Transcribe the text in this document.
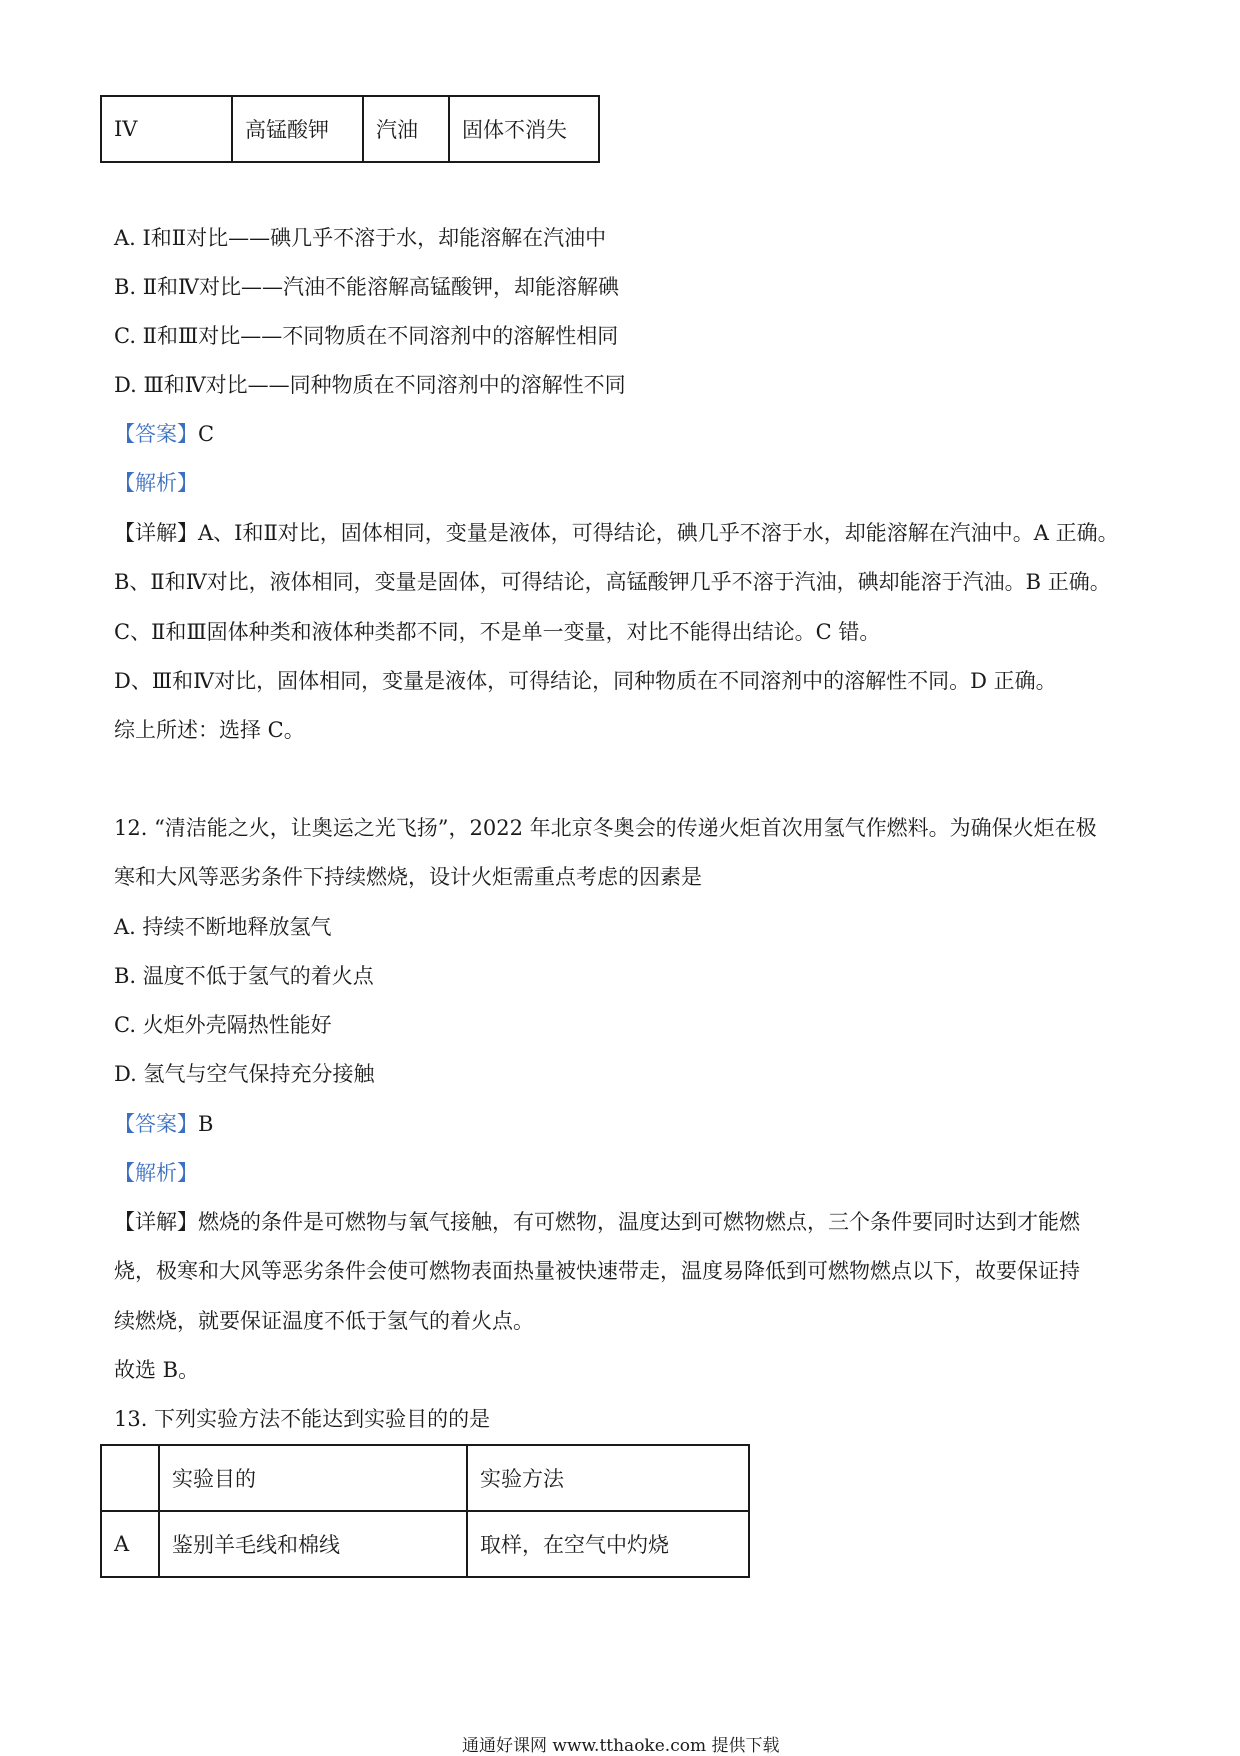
IV	高锰酸钾	汽油	固体不消失
A. Ⅰ和Ⅱ对比——碘几乎不溶于水，却能溶解在汽油中
B. Ⅱ和Ⅳ对比——汽油不能溶解高锰酸钾，却能溶解碘
C. Ⅱ和Ⅲ对比——不同物质在不同溶剂中的溶解性相同
D. Ⅲ和Ⅳ对比——同种物质在不同溶剂中的溶解性不同
【答案】C
【解析】
【详解】A、Ⅰ和Ⅱ对比，固体相同，变量是液体，可得结论，碘几乎不溶于水，却能溶解在汽油中。A 正确。
B、Ⅱ和Ⅳ对比，液体相同，变量是固体，可得结论，高锰酸钾几乎不溶于汽油，碘却能溶于汽油。B 正确。
C、Ⅱ和Ⅲ固体种类和液体种类都不同，不是单一变量，对比不能得出结论。C 错。
D、Ⅲ和Ⅳ对比，固体相同，变量是液体，可得结论，同种物质在不同溶剂中的溶解性不同。D 正确。
综上所述：选择 C。
12. “清洁能之火，让奥运之光飞扬”，2022 年北京冬奥会的传递火炬首次用氢气作燃料。为确保火炬在极
寒和大风等恶劣条件下持续燃烧，设计火炬需重点考虑的因素是
A. 持续不断地释放氢气
B. 温度不低于氢气的着火点
C. 火炬外壳隔热性能好
D. 氢气与空气保持充分接触
【答案】B
【解析】
【详解】燃烧的条件是可燃物与氧气接触，有可燃物，温度达到可燃物燃点，三个条件要同时达到才能燃
烧，极寒和大风等恶劣条件会使可燃物表面热量被快速带走，温度易降低到可燃物燃点以下，故要保证持
续燃烧，就要保证温度不低于氢气的着火点。
故选 B。
13. 下列实验方法不能达到实验目的的是
	实验目的	实验方法
A	鉴别羊毛线和棉线	取样，在空气中灼烧
通通好课网 www.tthaoke.com 提供下载
